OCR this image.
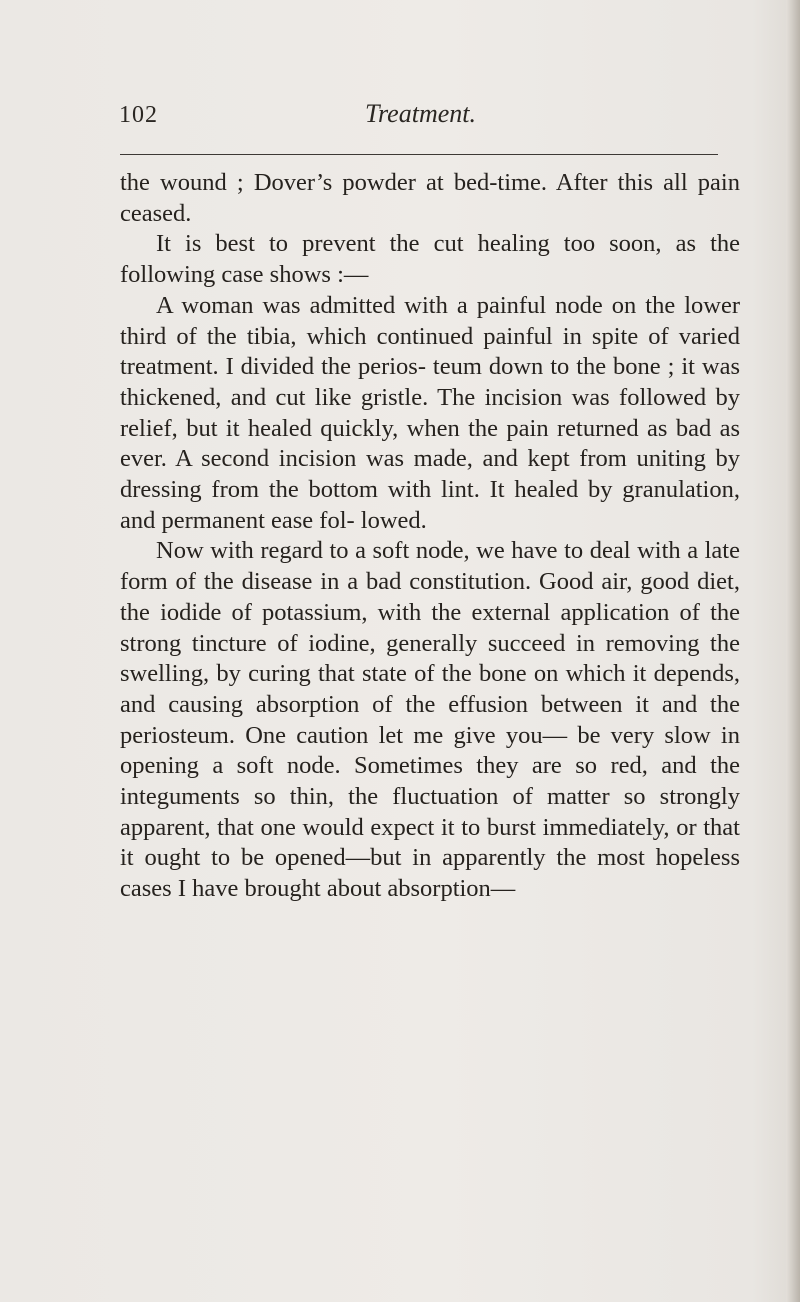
102	Treatment.

the wound ; Dover’s powder at bed-time. After this all pain ceased.

It is best to prevent the cut healing too soon, as the following case shows :—

A woman was admitted with a painful node on the lower third of the tibia, which continued painful in spite of varied treatment. I divided the perios- teum down to the bone ; it was thickened, and cut like gristle. The incision was followed by relief, but it healed quickly, when the pain returned as bad as ever. A second incision was made, and kept from uniting by dressing from the bottom with lint. It healed by granulation, and permanent ease fol- lowed.

Now with regard to a soft node, we have to deal with a late form of the disease in a bad constitution. Good air, good diet, the iodide of potassium, with the external application of the strong tincture of iodine, generally succeed in removing the swelling, by curing that state of the bone on which it depends, and causing absorption of the effusion between it and the periosteum. One caution let me give you— be very slow in opening a soft node. Sometimes they are so red, and the integuments so thin, the fluctuation of matter so strongly apparent, that one would expect it to burst immediately, or that it ought to be opened—but in apparently the most hopeless cases I have brought about absorption—
